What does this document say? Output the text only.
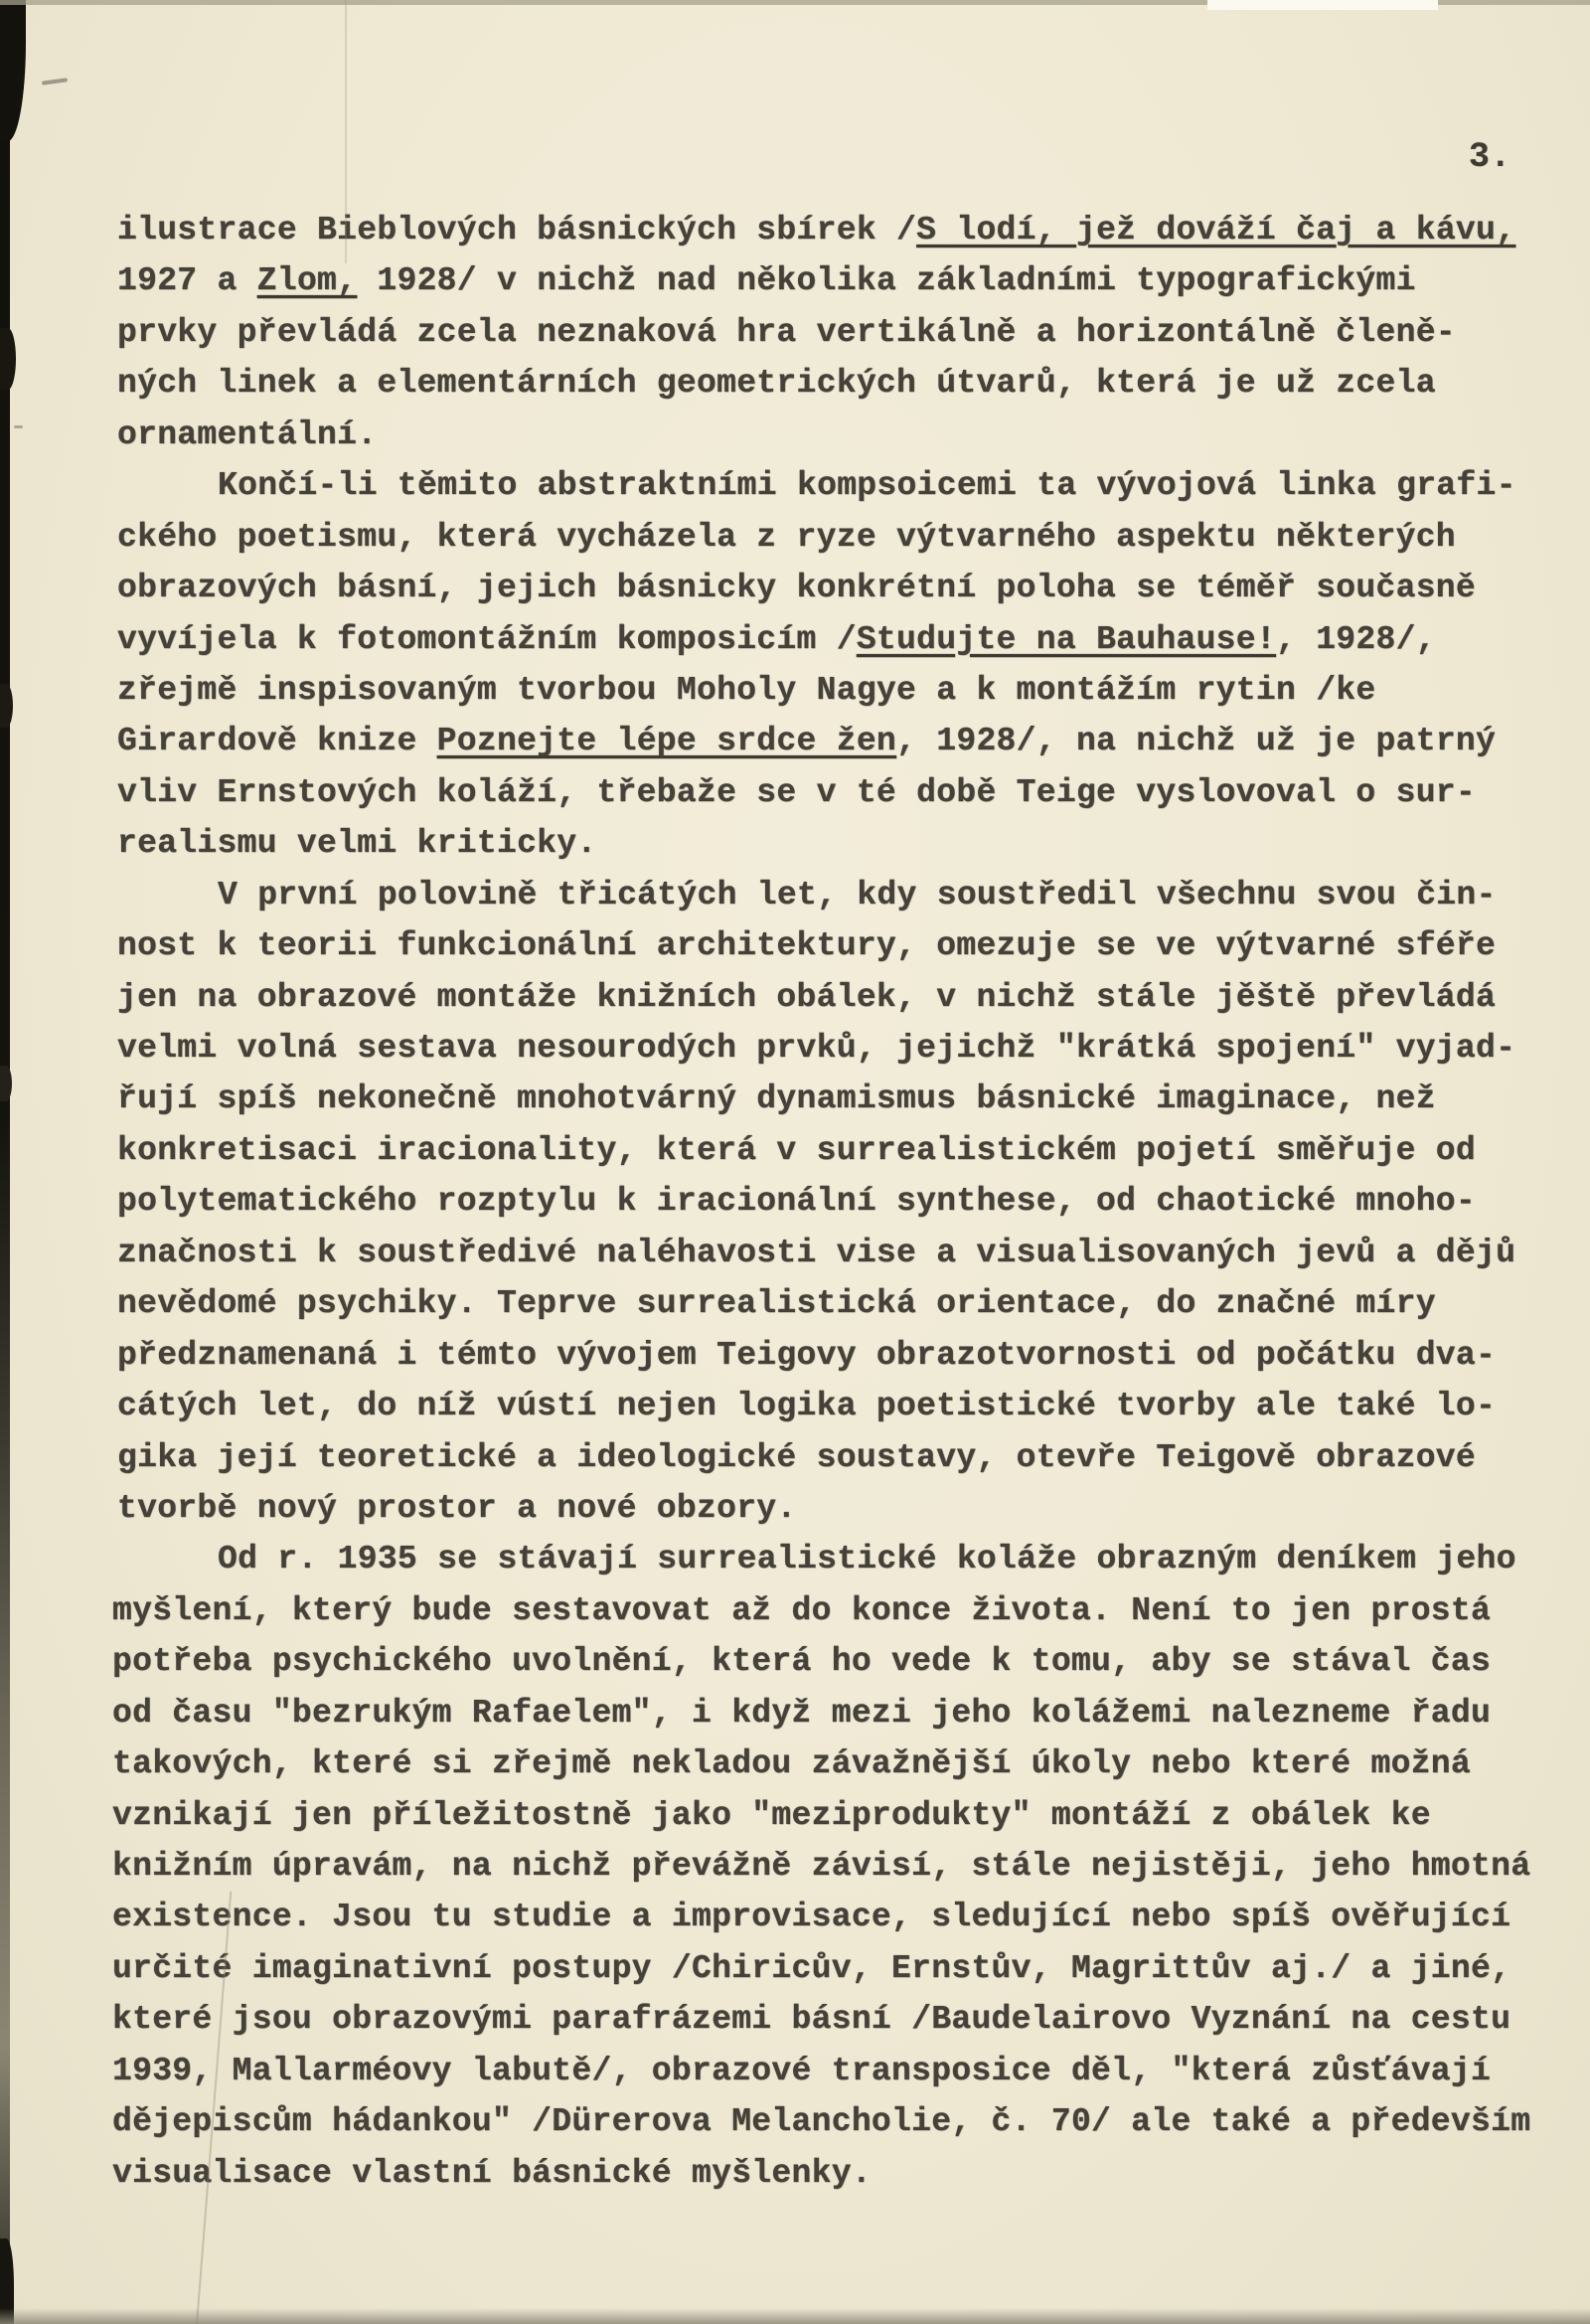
3.
ilustrace Bieblových básnických sbírek /S lodí, jež dováží čaj a kávu,
1927 a Zlom, 1928/ v nichž nad několika základními typografickými
prvky převládá zcela neznaková hra vertikálně a horizontálně členě-
ných linek a elementárních geometrických útvarů, která je už zcela
ornamentální.
Končí-li těmito abstraktními kompsoicemi ta vývojová linka grafi-
ckého poetismu, která vycházela z ryze výtvarného aspektu některých
obrazových básní, jejich básnicky konkrétní poloha se téměř současně
vyvíjela k fotomontážním komposicím /Studujte na Bauhause!, 1928/,
zřejmě inspisovaným tvorbou Moholy Nagye a k montážím rytin /ke
Girardově knize Poznejte lépe srdce žen, 1928/, na nichž už je patrný
vliv Ernstových koláží, třebaže se v té době Teige vyslovoval o sur-
realismu velmi kriticky.
V první polovině třicátých let, kdy soustředil všechnu svou čin-
nost k teorii funkcionální architektury, omezuje se ve výtvarné sféře
jen na obrazové montáže knižních obálek, v nichž stále jěště převládá
velmi volná sestava nesourodých prvků, jejichž "krátká spojení" vyjad-
řují spíš nekonečně mnohotvárný dynamismus básnické imaginace, než
konkretisaci iracionality, která v surrealistickém pojetí směřuje od
polytematického rozptylu k iracionální synthese, od chaotické mnoho-
značnosti k soustředivé naléhavosti vise a visualisovaných jevů a dějů
nevědomé psychiky. Teprve surrealistická orientace, do značné míry
předznamenaná i témto vývojem Teigovy obrazotvornosti od počátku dva-
cátých let, do níž vústí nejen logika poetistické tvorby ale také lo-
gika její teoretické a ideologické soustavy, otevře Teigově obrazové
tvorbě nový prostor a nové obzory.
Od r. 1935 se stávají surrealistické koláže obrazným deníkem jeho
myšlení, který bude sestavovat až do konce života. Není to jen prostá
potřeba psychického uvolnění, která ho vede k tomu, aby se stával čas
od času "bezrukým Rafaelem", i když mezi jeho kolážemi nalezneme řadu
takových, které si zřejmě nekladou závažnější úkoly nebo které možná
vznikají jen příležitostně jako "meziprodukty" montáží z obálek ke
knižním úpravám, na nichž převážně závisí, stále nejistěji, jeho hmotná
existence. Jsou tu studie a improvisace, sledující nebo spíš ověřující
určité imaginativní postupy /Chiricův, Ernstův, Magrittův aj./ a jiné,
které jsou obrazovými parafrázemi básní /Baudelairovo Vyznání na cestu
1939, Mallarméovy labutě/, obrazové transposice děl, "která zůsťávají
dějepiscům hádankou" /Dürerova Melancholie, č. 70/ ale také a především
visualisace vlastní básnické myšlenky.
